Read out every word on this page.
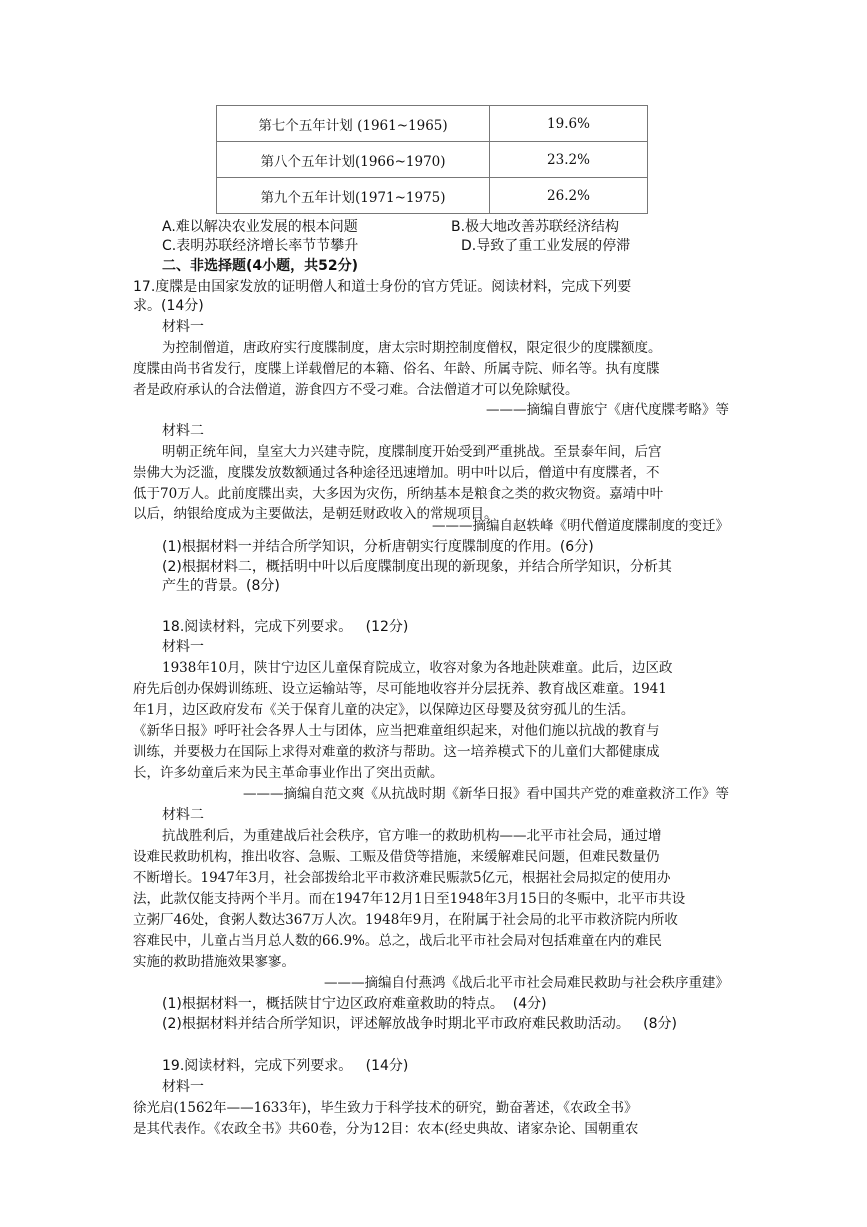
第七个五年计划 (1961~1965)	19.6%
第八个五年计划(1966~1970)	23.2%
第九个五年计划(1971~1975)	26.2%
A.难以解决农业发展的根本问题	B.极大地改善苏联经济结构
C.表明苏联经济增长率节节攀升	D.导致了重工业发展的停滞
二、非选择题(4小题，共52分)
17.度牒是由国家发放的证明僧人和道士身份的官方凭证。阅读材料，完成下列要
求。(14分)
材料一
为控制僧道，唐政府实行度牒制度，唐太宗时期控制度僧权，限定很少的度牒额度。
度牒由尚书省发行，度牒上详载僧尼的本籍、俗名、年龄、所属寺院、师名等。执有度牒
者是政府承认的合法僧道，游食四方不受刁难。合法僧道才可以免除赋役。
———摘编自曹旅宁《唐代度牒考略》等
材料二
明朝正统年间，皇室大力兴建寺院，度牒制度开始受到严重挑战。至景泰年间，后宫
崇佛大为泛滥，度牒发放数额通过各种途径迅速增加。明中叶以后，僧道中有度牒者，不
低于70万人。此前度牒出卖，大多因为灾伤，所纳基本是粮食之类的救灾物资。嘉靖中叶
以后，纳银给度成为主要做法，是朝廷财政收入的常规项目。
———摘编自赵轶峰《明代僧道度牒制度的变迁》
(1)根据材料一并结合所学知识，分析唐朝实行度牒制度的作用。(6分)
(2)根据材料二，概括明中叶以后度牒制度出现的新现象，并结合所学知识，分析其
产生的背景。(8分)
18.阅读材料，完成下列要求。   (12分)
材料一
1938年10月，陕甘宁边区儿童保育院成立，收容对象为各地赴陕难童。此后，边区政
府先后创办保姆训练班、设立运输站等，尽可能地收容并分层抚养、教育战区难童。1941
年1月，边区政府发布《关于保育儿童的决定》，以保障边区母婴及贫穷孤儿的生活。
《新华日报》呼吁社会各界人士与团体，应当把难童组织起来，对他们施以抗战的教育与
训练，并要极力在国际上求得对难童的救济与帮助。这一培养模式下的儿童们大都健康成
长，许多幼童后来为民主革命事业作出了突出贡献。
———摘编自范文爽《从抗战时期《新华日报》看中国共产党的难童救济工作》等
材料二
抗战胜利后，为重建战后社会秩序，官方唯一的救助机构——北平市社会局，通过增
设难民救助机构，推出收容、急赈、工赈及借贷等措施，来缓解难民问题，但难民数量仍
不断增长。1947年3月，社会部拨给北平市救济难民赈款5亿元，根据社会局拟定的使用办
法，此款仅能支持两个半月。而在1947年12月1日至1948年3月15日的冬赈中，北平市共设
立粥厂46处，食粥人数达367万人次。1948年9月，在附属于社会局的北平市救济院内所收
容难民中，儿童占当月总人数的66.9%。总之，战后北平市社会局对包括难童在内的难民
实施的救助措施效果寥寥。
———摘编自付燕鸿《战后北平市社会局难民救助与社会秩序重建》
(1)根据材料一，概括陕甘宁边区政府难童救助的特点。  (4分)
(2)根据材料并结合所学知识，评述解放战争时期北平市政府难民救助活动。   (8分)
19.阅读材料，完成下列要求。   (14分)
材料一
徐光启(1562年——1633年)，毕生致力于科学技术的研究，勤奋著述，《农政全书》
是其代表作。《农政全书》共60卷，分为12目：农本(经史典故、诸家杂论、国朝重农
